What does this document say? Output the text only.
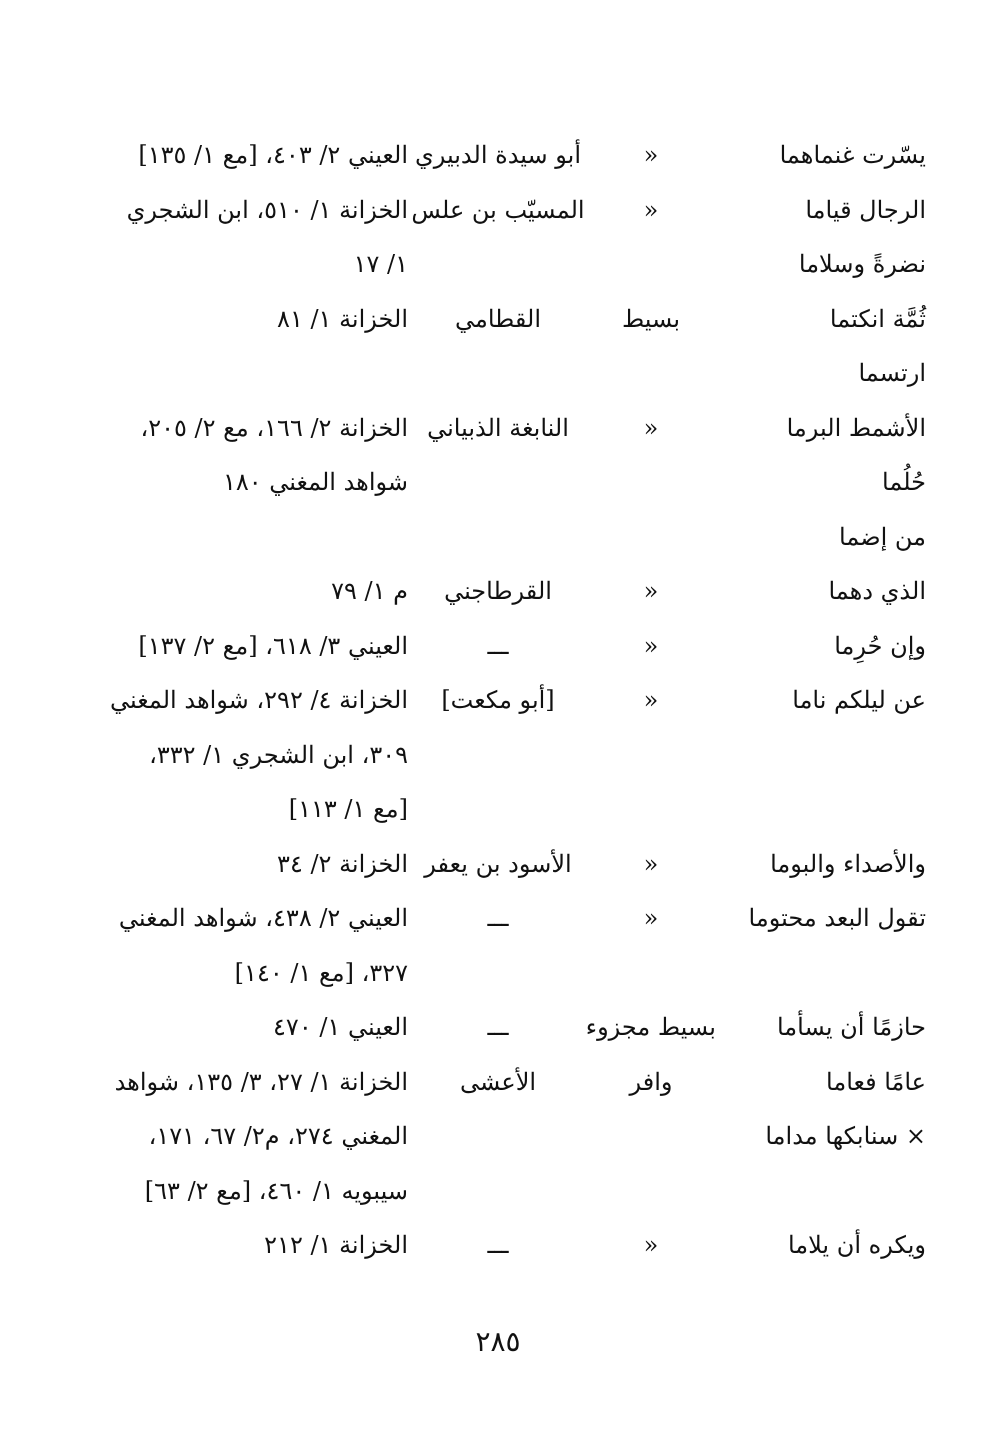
يسّرت غنماهما
«
أبو سيدة الدبيري
العيني ٢/ ٤٠٣، [مع ١/ ١٣٥]
الرجال قياما
«
المسيّب بن علس
الخزانة ١/ ٥١٠، ابن الشجري
نضرةً وسلاما
١/ ١٧
ثُمَّة انكتما
بسيط
القطامي
الخزانة ١/ ٨١
ارتسما
الأشمط البرما
«
النابغة الذبياني
الخزانة ٢/ ١٦٦، مع ٢/ ٢٠٥،
حُلُما
شواهد المغني ١٨٠
من إضما
الذي دهما
«
القرطاجني
م ١/ ٧٩
وإن حُرِما
«
ـــ
العيني ٣/ ٦١٨، [مع ٢/ ١٣٧]
عن ليلكم ناما
«
[أبو مكعت]
الخزانة ٤/ ٢٩٢، شواهد المغني
٣٠٩، ابن الشجري ١/ ٣٣٢،
[مع ١/ ١١٣]
والأصداء والبوما
«
الأسود بن يعفر
الخزانة ٢/ ٣٤
تقول البعد محتوما
«
ـــ
العيني ٢/ ٤٣٨، شواهد المغني
٣٢٧، [مع ١/ ١٤٠]
حازمًا أن يسأما
بسيط مجزوء
ـــ
العيني ١/ ٤٧٠
عامًا فعاما
وافر
الأعشى
الخزانة ١/ ٢٧، ٣/ ١٣٥، شواهد
× سنابكها مداما
المغني ٢٧٤، م٢/ ٦٧، ١٧١،
سيبويه ١/ ٤٦٠، [مع ٢/ ٦٣]
ويكره أن يلاما
«
ـــ
الخزانة ١/ ٢١٢
٢٨٥
